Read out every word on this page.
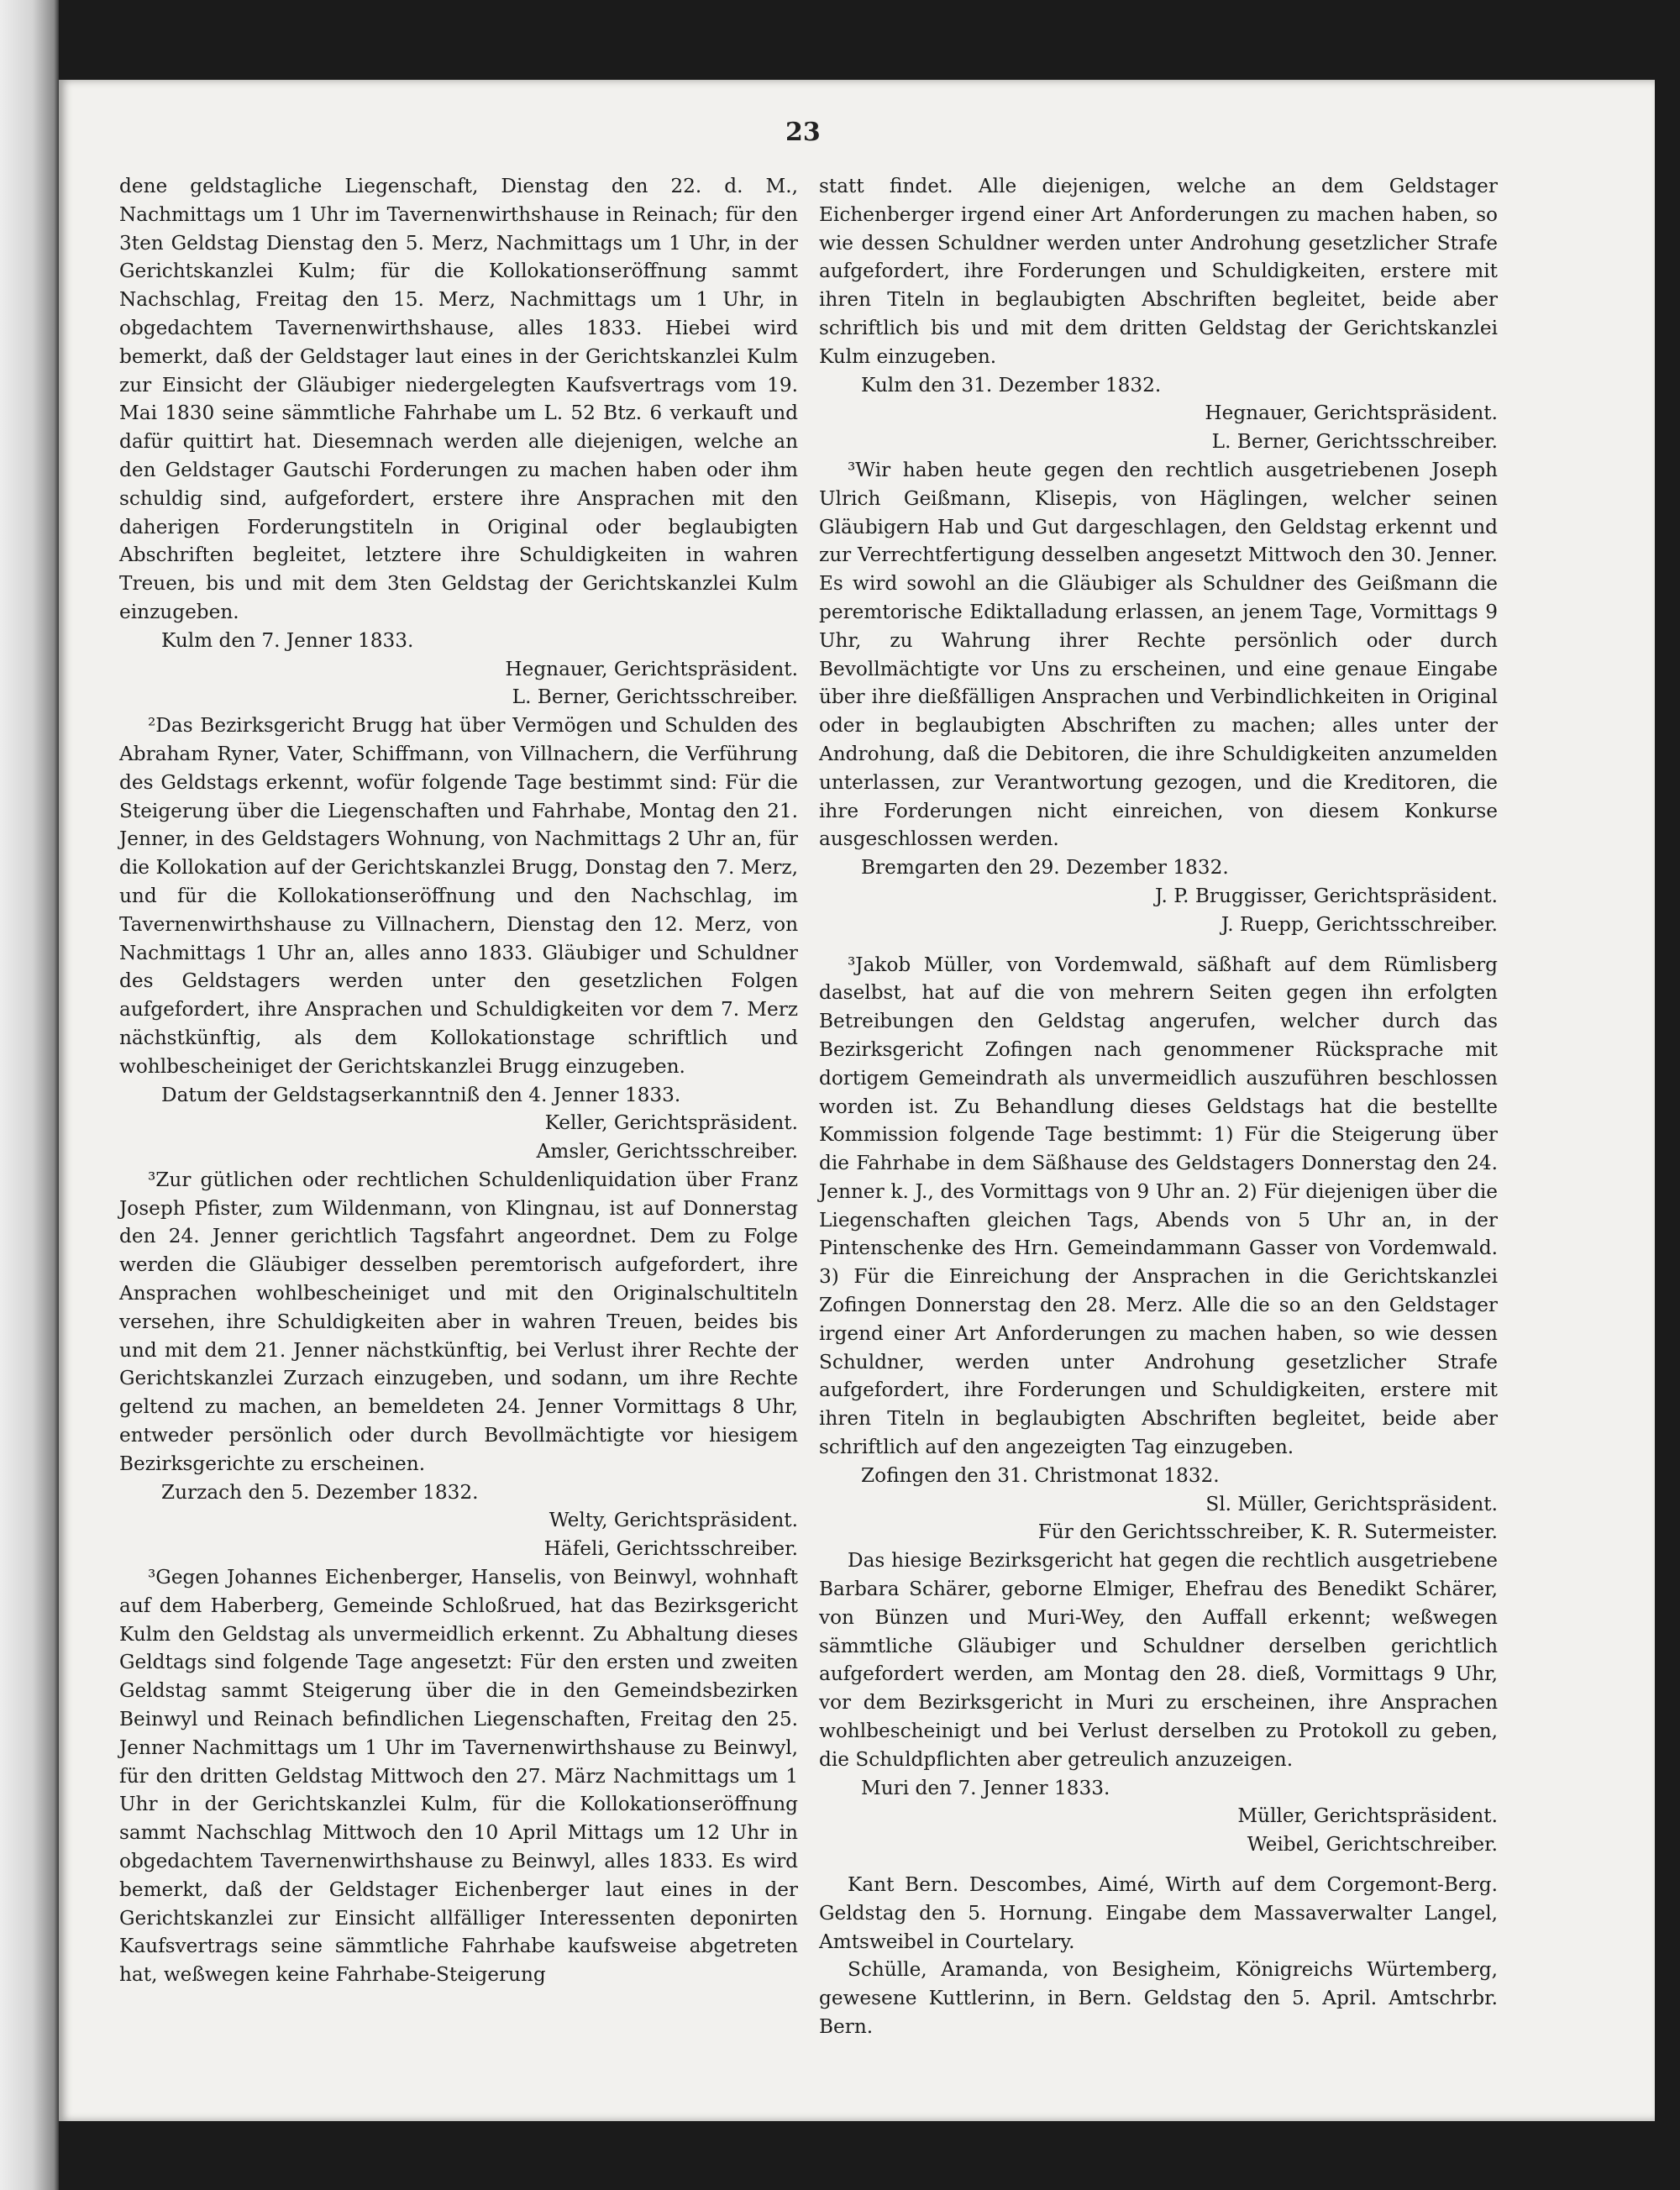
23

dene geldstagliche Liegenschaft, Dienstag den 22. d. M., Nachmittags um 1 Uhr im Tavernenwirthshause in Reinach; für den 3ten Geldstag Dienstag den 5. Merz, Nachmittags um 1 Uhr, in der Gerichtskanzlei Kulm; für die Kollokationseröffnung sammt Nachschlag, Freitag den 15. Merz, Nachmittags um 1 Uhr, in obgedachtem Tavernenwirthshause, alles 1833. Hiebei wird bemerkt, daß der Geldstager laut eines in der Gerichtskanzlei Kulm zur Einsicht der Gläubiger niedergelegten Kaufsvertrags vom 19. Mai 1830 seine sämmtliche Fahrhabe um L. 52 Btz. 6 verkauft und dafür quittirt hat. Diesemnach werden alle diejenigen, welche an den Geldstager Gautschi Forderungen zu machen haben oder ihm schuldig sind, aufgefordert, erstere ihre Ansprachen mit den daherigen Forderungstiteln in Original oder beglaubigten Abschriften begleitet, letztere ihre Schuldigkeiten in wahren Treuen, bis und mit dem 3ten Geldstag der Gerichtskanzlei Kulm einzugeben.

Kulm den 7. Jenner 1833.

Hegnauer, Gerichtspräsident.

L. Berner, Gerichtsschreiber.

²Das Bezirksgericht Brugg hat über Vermögen und Schulden des Abraham Ryner, Vater, Schiffmann, von Villnachern, die Verführung des Geldstags erkennt, wofür folgende Tage bestimmt sind: Für die Steigerung über die Liegenschaften und Fahrhabe, Montag den 21. Jenner, in des Geldstagers Wohnung, von Nachmittags 2 Uhr an, für die Kollokation auf der Gerichtskanzlei Brugg, Donstag den 7. Merz, und für die Kollokationseröffnung und den Nachschlag, im Tavernenwirthshause zu Villnachern, Dienstag den 12. Merz, von Nachmittags 1 Uhr an, alles anno 1833. Gläubiger und Schuldner des Geldstagers werden unter den gesetzlichen Folgen aufgefordert, ihre Ansprachen und Schuldigkeiten vor dem 7. Merz nächstkünftig, als dem Kollokationstage schriftlich und wohlbescheiniget der Gerichtskanzlei Brugg einzugeben.

Datum der Geldstagserkanntniß den 4. Jenner 1833.

Keller, Gerichtspräsident.

Amsler, Gerichtsschreiber.

³Zur gütlichen oder rechtlichen Schuldenliquidation über Franz Joseph Pfister, zum Wildenmann, von Klingnau, ist auf Donnerstag den 24. Jenner gerichtlich Tagsfahrt angeordnet. Dem zu Folge werden die Gläubiger desselben peremtorisch aufgefordert, ihre Ansprachen wohlbescheiniget und mit den Originalschultiteln versehen, ihre Schuldigkeiten aber in wahren Treuen, beides bis und mit dem 21. Jenner nächstkünftig, bei Verlust ihrer Rechte der Gerichtskanzlei Zurzach einzugeben, und sodann, um ihre Rechte geltend zu machen, an bemeldeten 24. Jenner Vormittags 8 Uhr, entweder persönlich oder durch Bevollmächtigte vor hiesigem Bezirksgerichte zu erscheinen.

Zurzach den 5. Dezember 1832.

Welty, Gerichtspräsident.

Häfeli, Gerichtsschreiber.

³Gegen Johannes Eichenberger, Hanselis, von Beinwyl, wohnhaft auf dem Haberberg, Gemeinde Schloßrued, hat das Bezirksgericht Kulm den Geldstag als unvermeidlich erkennt. Zu Abhaltung dieses Geldtags sind folgende Tage angesetzt: Für den ersten und zweiten Geldstag sammt Steigerung über die in den Gemeindsbezirken Beinwyl und Reinach befindlichen Liegenschaften, Freitag den 25. Jenner Nachmittags um 1 Uhr im Tavernenwirthshause zu Beinwyl, für den dritten Geldstag Mittwoch den 27. März Nachmittags um 1 Uhr in der Gerichtskanzlei Kulm, für die Kollokationseröffnung sammt Nachschlag Mittwoch den 10 April Mittags um 12 Uhr in obgedachtem Tavernenwirthshause zu Beinwyl, alles 1833. Es wird bemerkt, daß der Geldstager Eichenberger laut eines in der Gerichtskanzlei zur Einsicht allfälliger Interessenten deponirten Kaufsvertrags seine sämmtliche Fahrhabe kaufsweise abgetreten hat, weßwegen keine Fahrhabe-Steigerung

statt findet. Alle diejenigen, welche an dem Geldstager Eichenberger irgend einer Art Anforderungen zu machen haben, so wie dessen Schuldner werden unter Androhung gesetzlicher Strafe aufgefordert, ihre Forderungen und Schuldigkeiten, erstere mit ihren Titeln in beglaubigten Abschriften begleitet, beide aber schriftlich bis und mit dem dritten Geldstag der Gerichtskanzlei Kulm einzugeben.

Kulm den 31. Dezember 1832.

Hegnauer, Gerichtspräsident.

L. Berner, Gerichtsschreiber.

³Wir haben heute gegen den rechtlich ausgetriebenen Joseph Ulrich Geißmann, Klisepis, von Häglingen, welcher seinen Gläubigern Hab und Gut dargeschlagen, den Geldstag erkennt und zur Verrechtfertigung desselben angesetzt Mittwoch den 30. Jenner. Es wird sowohl an die Gläubiger als Schuldner des Geißmann die peremtorische Ediktalladung erlassen, an jenem Tage, Vormittags 9 Uhr, zu Wahrung ihrer Rechte persönlich oder durch Bevollmächtigte vor Uns zu erscheinen, und eine genaue Eingabe über ihre dießfälligen Ansprachen und Verbindlichkeiten in Original oder in beglaubigten Abschriften zu machen; alles unter der Androhung, daß die Debitoren, die ihre Schuldigkeiten anzumelden unterlassen, zur Verantwortung gezogen, und die Kreditoren, die ihre Forderungen nicht einreichen, von diesem Konkurse ausgeschlossen werden.

Bremgarten den 29. Dezember 1832.

J. P. Bruggisser, Gerichtspräsident.

J. Ruepp, Gerichtsschreiber.

³Jakob Müller, von Vordemwald, säßhaft auf dem Rümlisberg daselbst, hat auf die von mehrern Seiten gegen ihn erfolgten Betreibungen den Geldstag angerufen, welcher durch das Bezirksgericht Zofingen nach genommener Rücksprache mit dortigem Gemeindrath als unvermeidlich auszuführen beschlossen worden ist. Zu Behandlung dieses Geldstags hat die bestellte Kommission folgende Tage bestimmt: 1) Für die Steigerung über die Fahrhabe in dem Säßhause des Geldstagers Donnerstag den 24. Jenner k. J., des Vormittags von 9 Uhr an. 2) Für diejenigen über die Liegenschaften gleichen Tags, Abends von 5 Uhr an, in der Pintenschenke des Hrn. Gemeindammann Gasser von Vordemwald. 3) Für die Einreichung der Ansprachen in die Gerichtskanzlei Zofingen Donnerstag den 28. Merz. Alle die so an den Geldstager irgend einer Art Anforderungen zu machen haben, so wie dessen Schuldner, werden unter Androhung gesetzlicher Strafe aufgefordert, ihre Forderungen und Schuldigkeiten, erstere mit ihren Titeln in beglaubigten Abschriften begleitet, beide aber schriftlich auf den angezeigten Tag einzugeben.

Zofingen den 31. Christmonat 1832.

Sl. Müller, Gerichtspräsident.

Für den Gerichtsschreiber, K. R. Sutermeister.

Das hiesige Bezirksgericht hat gegen die rechtlich ausgetriebene Barbara Schärer, geborne Elmiger, Ehefrau des Benedikt Schärer, von Bünzen und Muri-Wey, den Auffall erkennt; weßwegen sämmtliche Gläubiger und Schuldner derselben gerichtlich aufgefordert werden, am Montag den 28. dieß, Vormittags 9 Uhr, vor dem Bezirksgericht in Muri zu erscheinen, ihre Ansprachen wohlbescheinigt und bei Verlust derselben zu Protokoll zu geben, die Schuldpflichten aber getreulich anzuzeigen.

Muri den 7. Jenner 1833.

Müller, Gerichtspräsident.

Weibel, Gerichtschreiber.

Kant Bern. Descombes, Aimé, Wirth auf dem Corgemont-Berg. Geldstag den 5. Hornung. Eingabe dem Massaverwalter Langel, Amtsweibel in Courtelary.

Schülle, Aramanda, von Besigheim, Königreichs Würtemberg, gewesene Kuttlerinn, in Bern. Geldstag den 5. April. Amtschrbr. Bern.
